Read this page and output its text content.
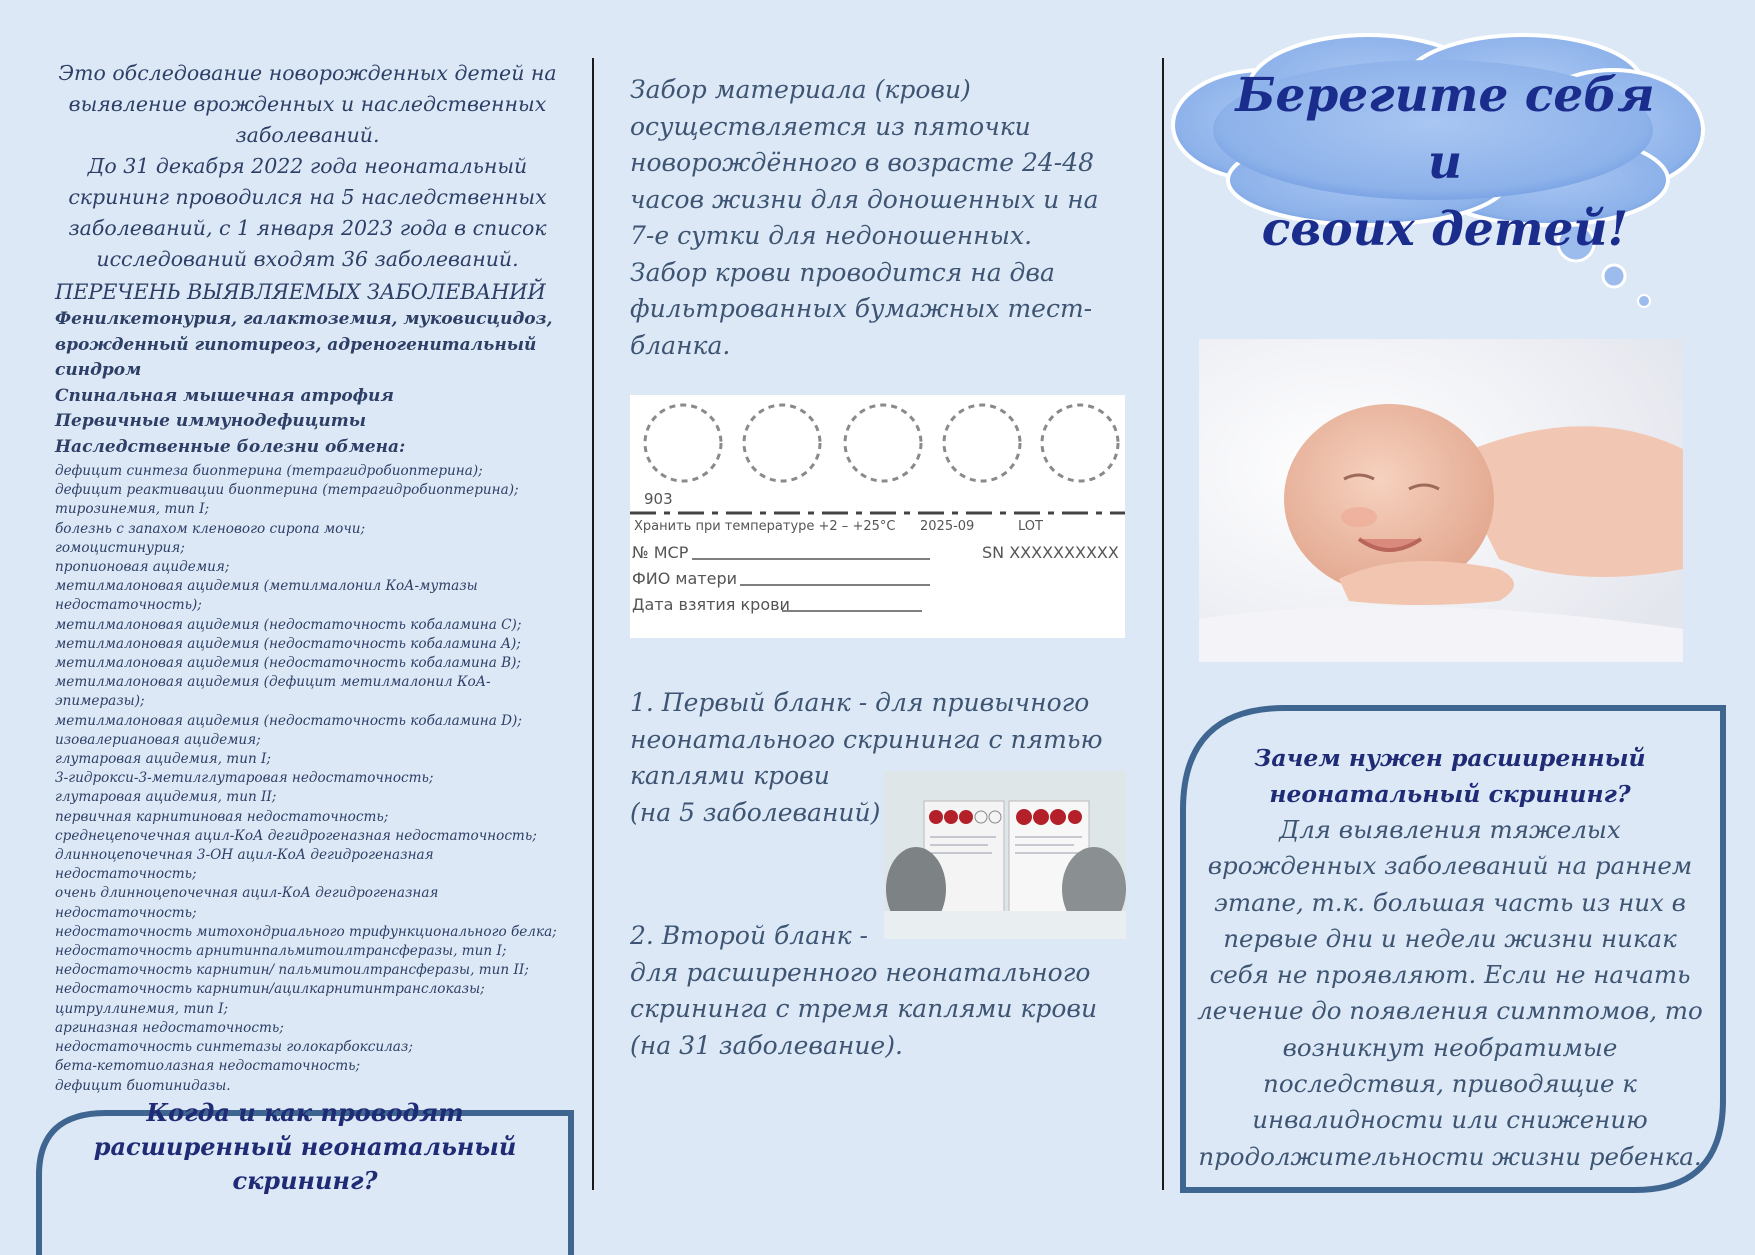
Это обследование новорожденных детей на выявление врожденных и наследственных заболеваний.
До 31 декабря 2022 года неонатальный скрининг проводился на 5 наследственных заболеваний, с 1 января 2023 года в список исследований входят 36 заболеваний.
ПЕРЕЧЕНЬ ВЫЯВЛЯЕМЫХ ЗАБОЛЕВАНИЙ
Фенилкетонурия, галактоземия, муковисцидоз, врожденный гипотиреоз, адреногенитальный синдром
Спинальная мышечная атрофия
Первичные иммунодефициты
Наследственные болезни обмена:
дефицит синтеза биоптерина (тетрагидробиоптерина);
дефицит реактивации биоптерина (тетрагидробиоптерина);
тирозинемия, тип I;
болезнь с запахом кленового сиропа мочи;
гомоцистинурия;
пропионовая ацидемия;
метилмалоновая ацидемия (метилмалонил КоА-мутазы недостаточность);
метилмалоновая ацидемия (недостаточность кобаламина C);
метилмалоновая ацидемия (недостаточность кобаламина A);
метилмалоновая ацидемия (недостаточность кобаламина B);
метилмалоновая ацидемия (дефицит метилмалонил КоА-эпимеразы);
метилмалоновая ацидемия (недостаточность кобаламина D);
изовалериановая ацидемия;
глутаровая ацидемия, тип I;
3-гидрокси-3-метилглутаровая недостаточность;
глутаровая ацидемия, тип II;
первичная карнитиновая недостаточность;
среднецепочечная ацил-КоА дегидрогеназная недостаточность;
длинноцепочечная 3-ОН ацил-КоА дегидрогеназная недостаточность;
очень длинноцепочечная ацил-КоА дегидрогеназная недостаточность;
недостаточность митохондриального трифункционального белка;
недостаточность арнитинпальмитоилтрансферазы, тип I;
недостаточность карнитин/ пальмитоилтрансферазы, тип II;
недостаточность карнитин/ацилкарнитинтранслоказы;
цитруллинемия, тип I;
аргиназная недостаточность;
недостаточность синтетазы голокарбоксилаз;
бета-кетотиолазная недостаточность;
дефицит биотинидазы.
Когда и как проводят расширенный неонатальный скрининг?
Забор материала (крови) осуществляется из пяточки новорождённого в возрасте 24-48 часов жизни для доношенных и на 7-е сутки для недоношенных.
Забор крови проводится на два фильтрованных бумажных тест-бланка.
903
Хранить при температуре +2 – +25°C 2025-09	LOT
№ МСР	SN XXXXXXXXXX
ФИО матери
Дата взятия крови
1. Первый бланк - для привычного неонатального скрининга с пятью
каплями крови
(на 5 заболеваний)
2. Второй бланк -
для расширенного неонатального скрининга с тремя каплями крови (на 31 заболевание).
Берегите себя и
своих детей!
Зачем нужен расширенный неонатальный скрининг?
Для выявления тяжелых врожденных заболеваний на раннем этапе, т.к. большая часть из них в первые дни и недели жизни никак себя не проявляют. Если не начать лечение до появления симптомов, то возникнут необратимые последствия, приводящие к инвалидности или снижению продолжительности жизни ребенка.
